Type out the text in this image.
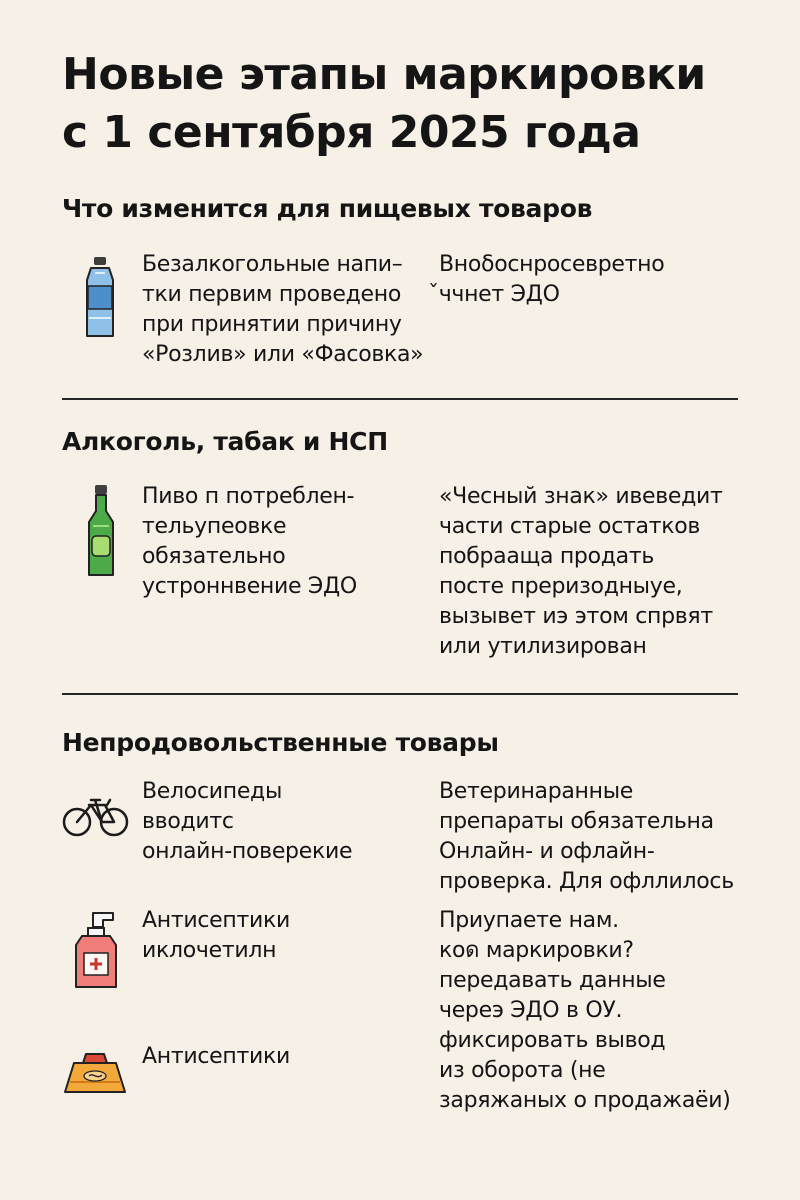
Новые этапы маркировки
с 1 сентября 2025 года
Что изменится для пищевых товаров

Безалкогольные напи–
тки первим проведено
при принятии причину
«Розлив» или «Фасовка»

Вноδоснросевретно
̌ччнет ЭДО

Алкоголь, табак и НСП

Пиво п потреблен-
тельупеовке
обязательно
устроннвение ЭДО

«Чесный знак» ивеведит
части старые остатков
побрааща продать
посте преризодныуе,
вызывет иэ этом спрвят
или утилизирован

Непродовольственные товары

Велосипеды
вводитс
онлайн-поверекие

Ветеринаранные
препараты обязательна
Онлайн- и офлайн-
проверка. Для офллилось

Антисептики
иклочетилн

Приупаете нам.
коด маркировки?
передавать данные
череэ ЭДО в ОУ.
фиксировать вывод
из оборота (не
заряжаных о продажаёи)

Антисептики
